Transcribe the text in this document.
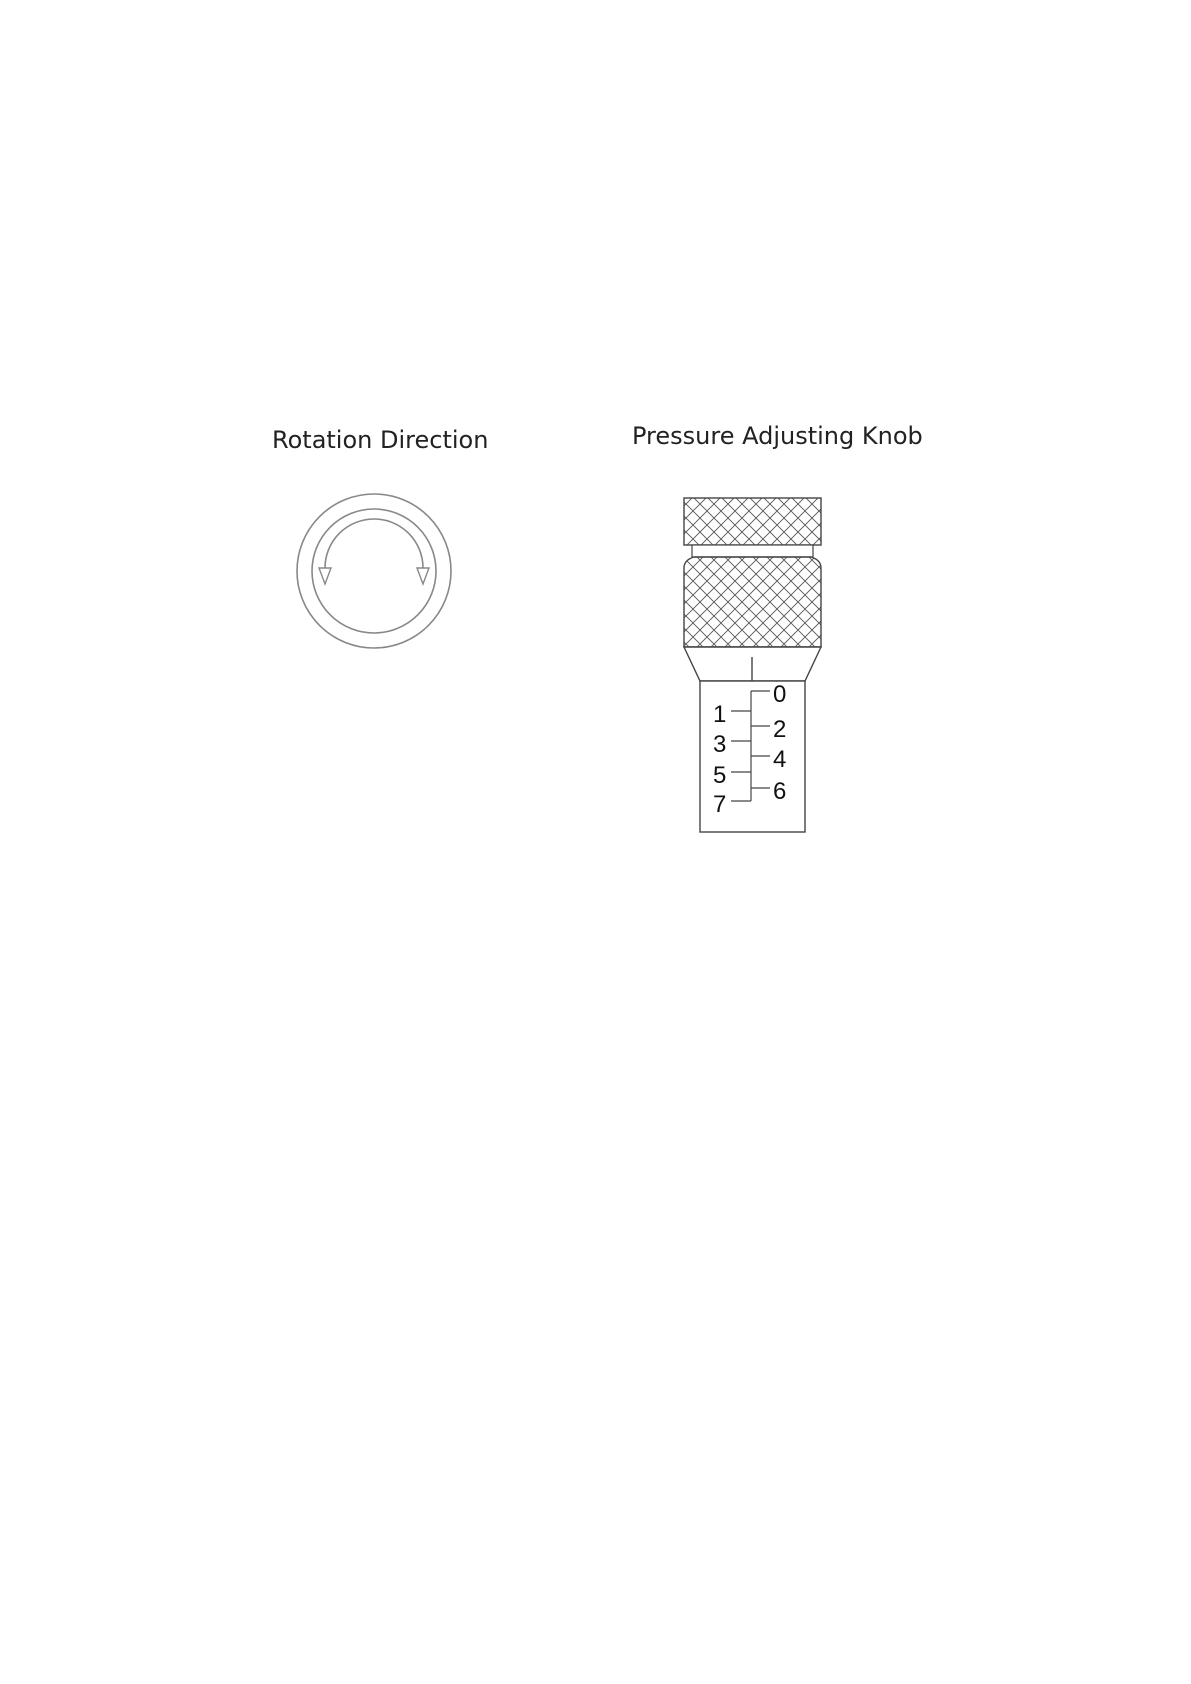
Rotation Direction	Pressure Adjusting Knob
0
2
4
6
1
3
5
7
